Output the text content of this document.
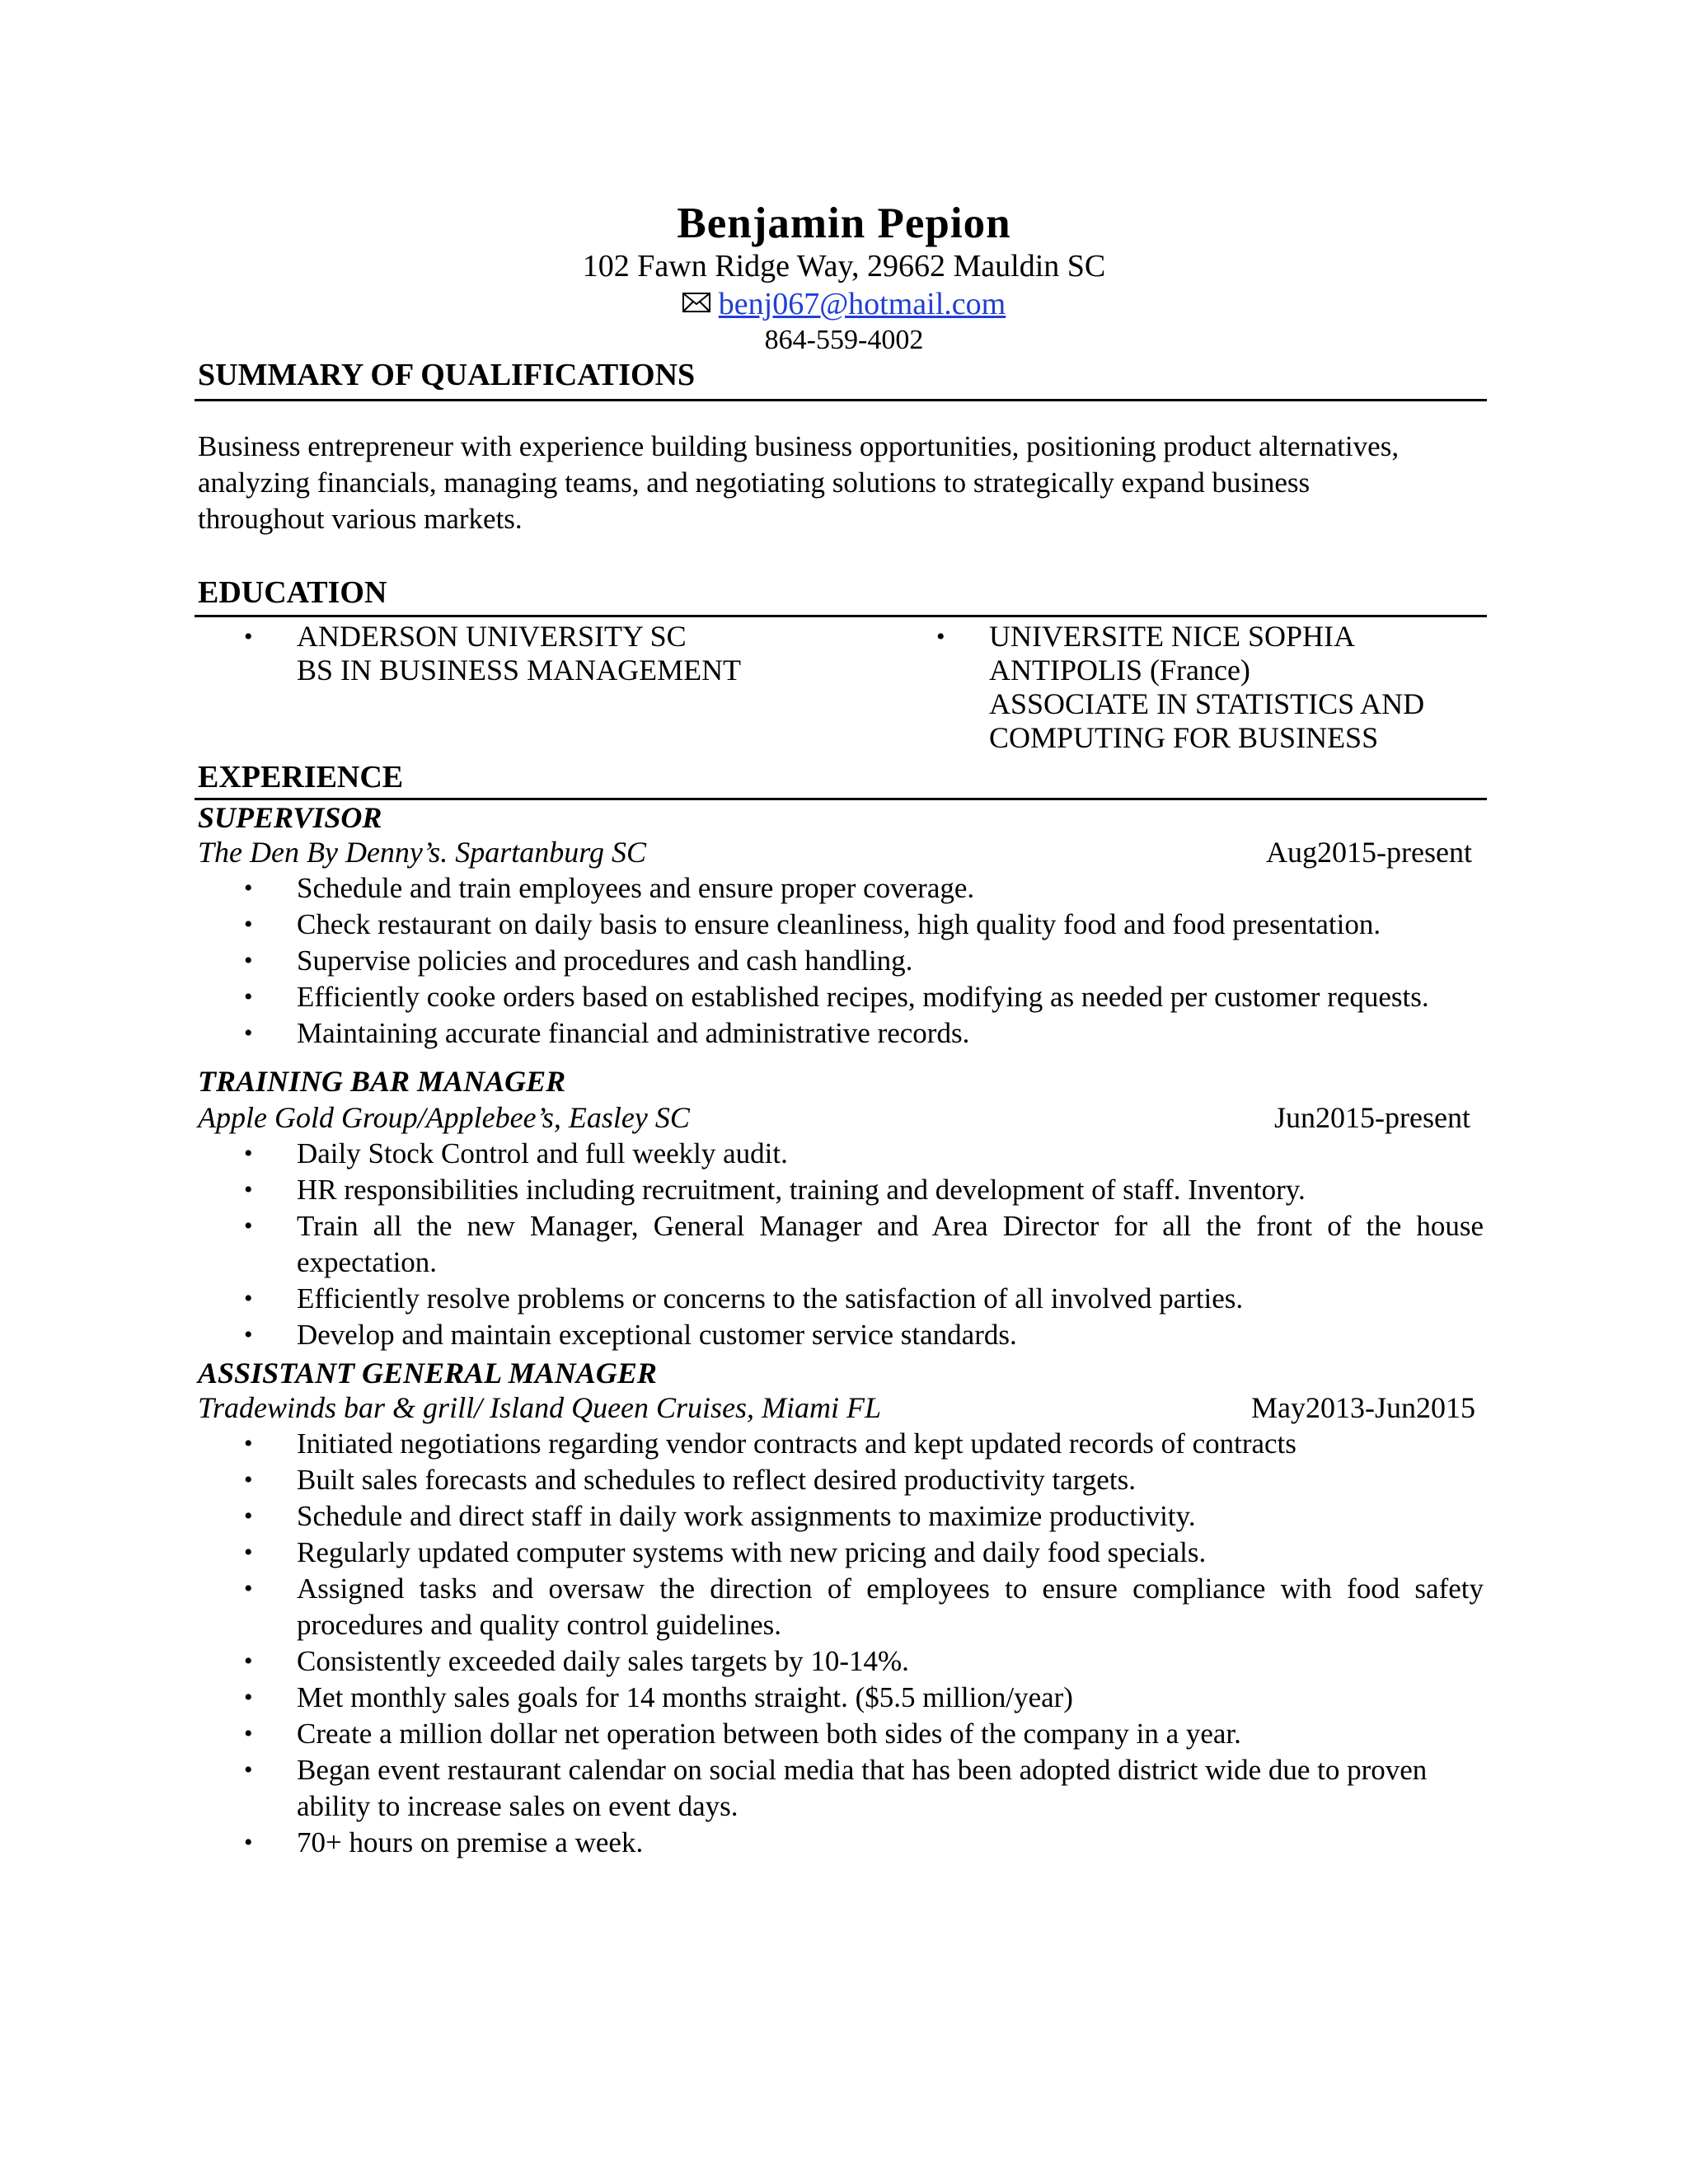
Benjamin Pepion
102 Fawn Ridge Way, 29662 Mauldin SC
benj067@hotmail.com
864-559-4002
SUMMARY OF QUALIFICATIONS

Business entrepreneur with experience building business opportunities, positioning product alternatives,

analyzing financials, managing teams, and negotiating solutions to strategically expand business

throughout various markets.

EDUCATION
• ANDERSON UNIVERSITY SC
BS IN BUSINESS MANAGEMENT
• UNIVERSITE NICE SOPHIA
ANTIPOLIS (France)
ASSOCIATE IN STATISTICS AND
COMPUTING FOR BUSINESS
EXPERIENCE
SUPERVISOR
The Den By Denny’s. Spartanburg SC	Aug2015-present
• Schedule and train employees and ensure proper coverage.
• Check restaurant on daily basis to ensure cleanliness, high quality food and food presentation.
• Supervise policies and procedures and cash handling.
• Efficiently cooke orders based on established recipes, modifying as needed per customer requests.
• Maintaining accurate financial and administrative records.
TRAINING BAR MANAGER
Apple Gold Group/Applebee’s, Easley SC	Jun2015-present
• Daily Stock Control and full weekly audit.
• HR responsibilities including recruitment, training and development of staff. Inventory.
• Train all the new Manager, General Manager and Area Director for all the front of the house expectation.
• Efficiently resolve problems or concerns to the satisfaction of all involved parties.
• Develop and maintain exceptional customer service standards.
ASSISTANT GENERAL MANAGER
Tradewinds bar & grill/ Island Queen Cruises, Miami FL	May2013-Jun2015
• Initiated negotiations regarding vendor contracts and kept updated records of contracts
• Built sales forecasts and schedules to reflect desired productivity targets.
• Schedule and direct staff in daily work assignments to maximize productivity.
• Regularly updated computer systems with new pricing and daily food specials.
• Assigned tasks and oversaw the direction of employees to ensure compliance with food safety procedures and quality control guidelines.
• Consistently exceeded daily sales targets by 10-14%.
• Met monthly sales goals for 14 months straight. ($5.5 million/year)
• Create a million dollar net operation between both sides of the company in a year.
• Began event restaurant calendar on social media that has been adopted district wide due to proven ability to increase sales on event days.
• 70+ hours on premise a week.
